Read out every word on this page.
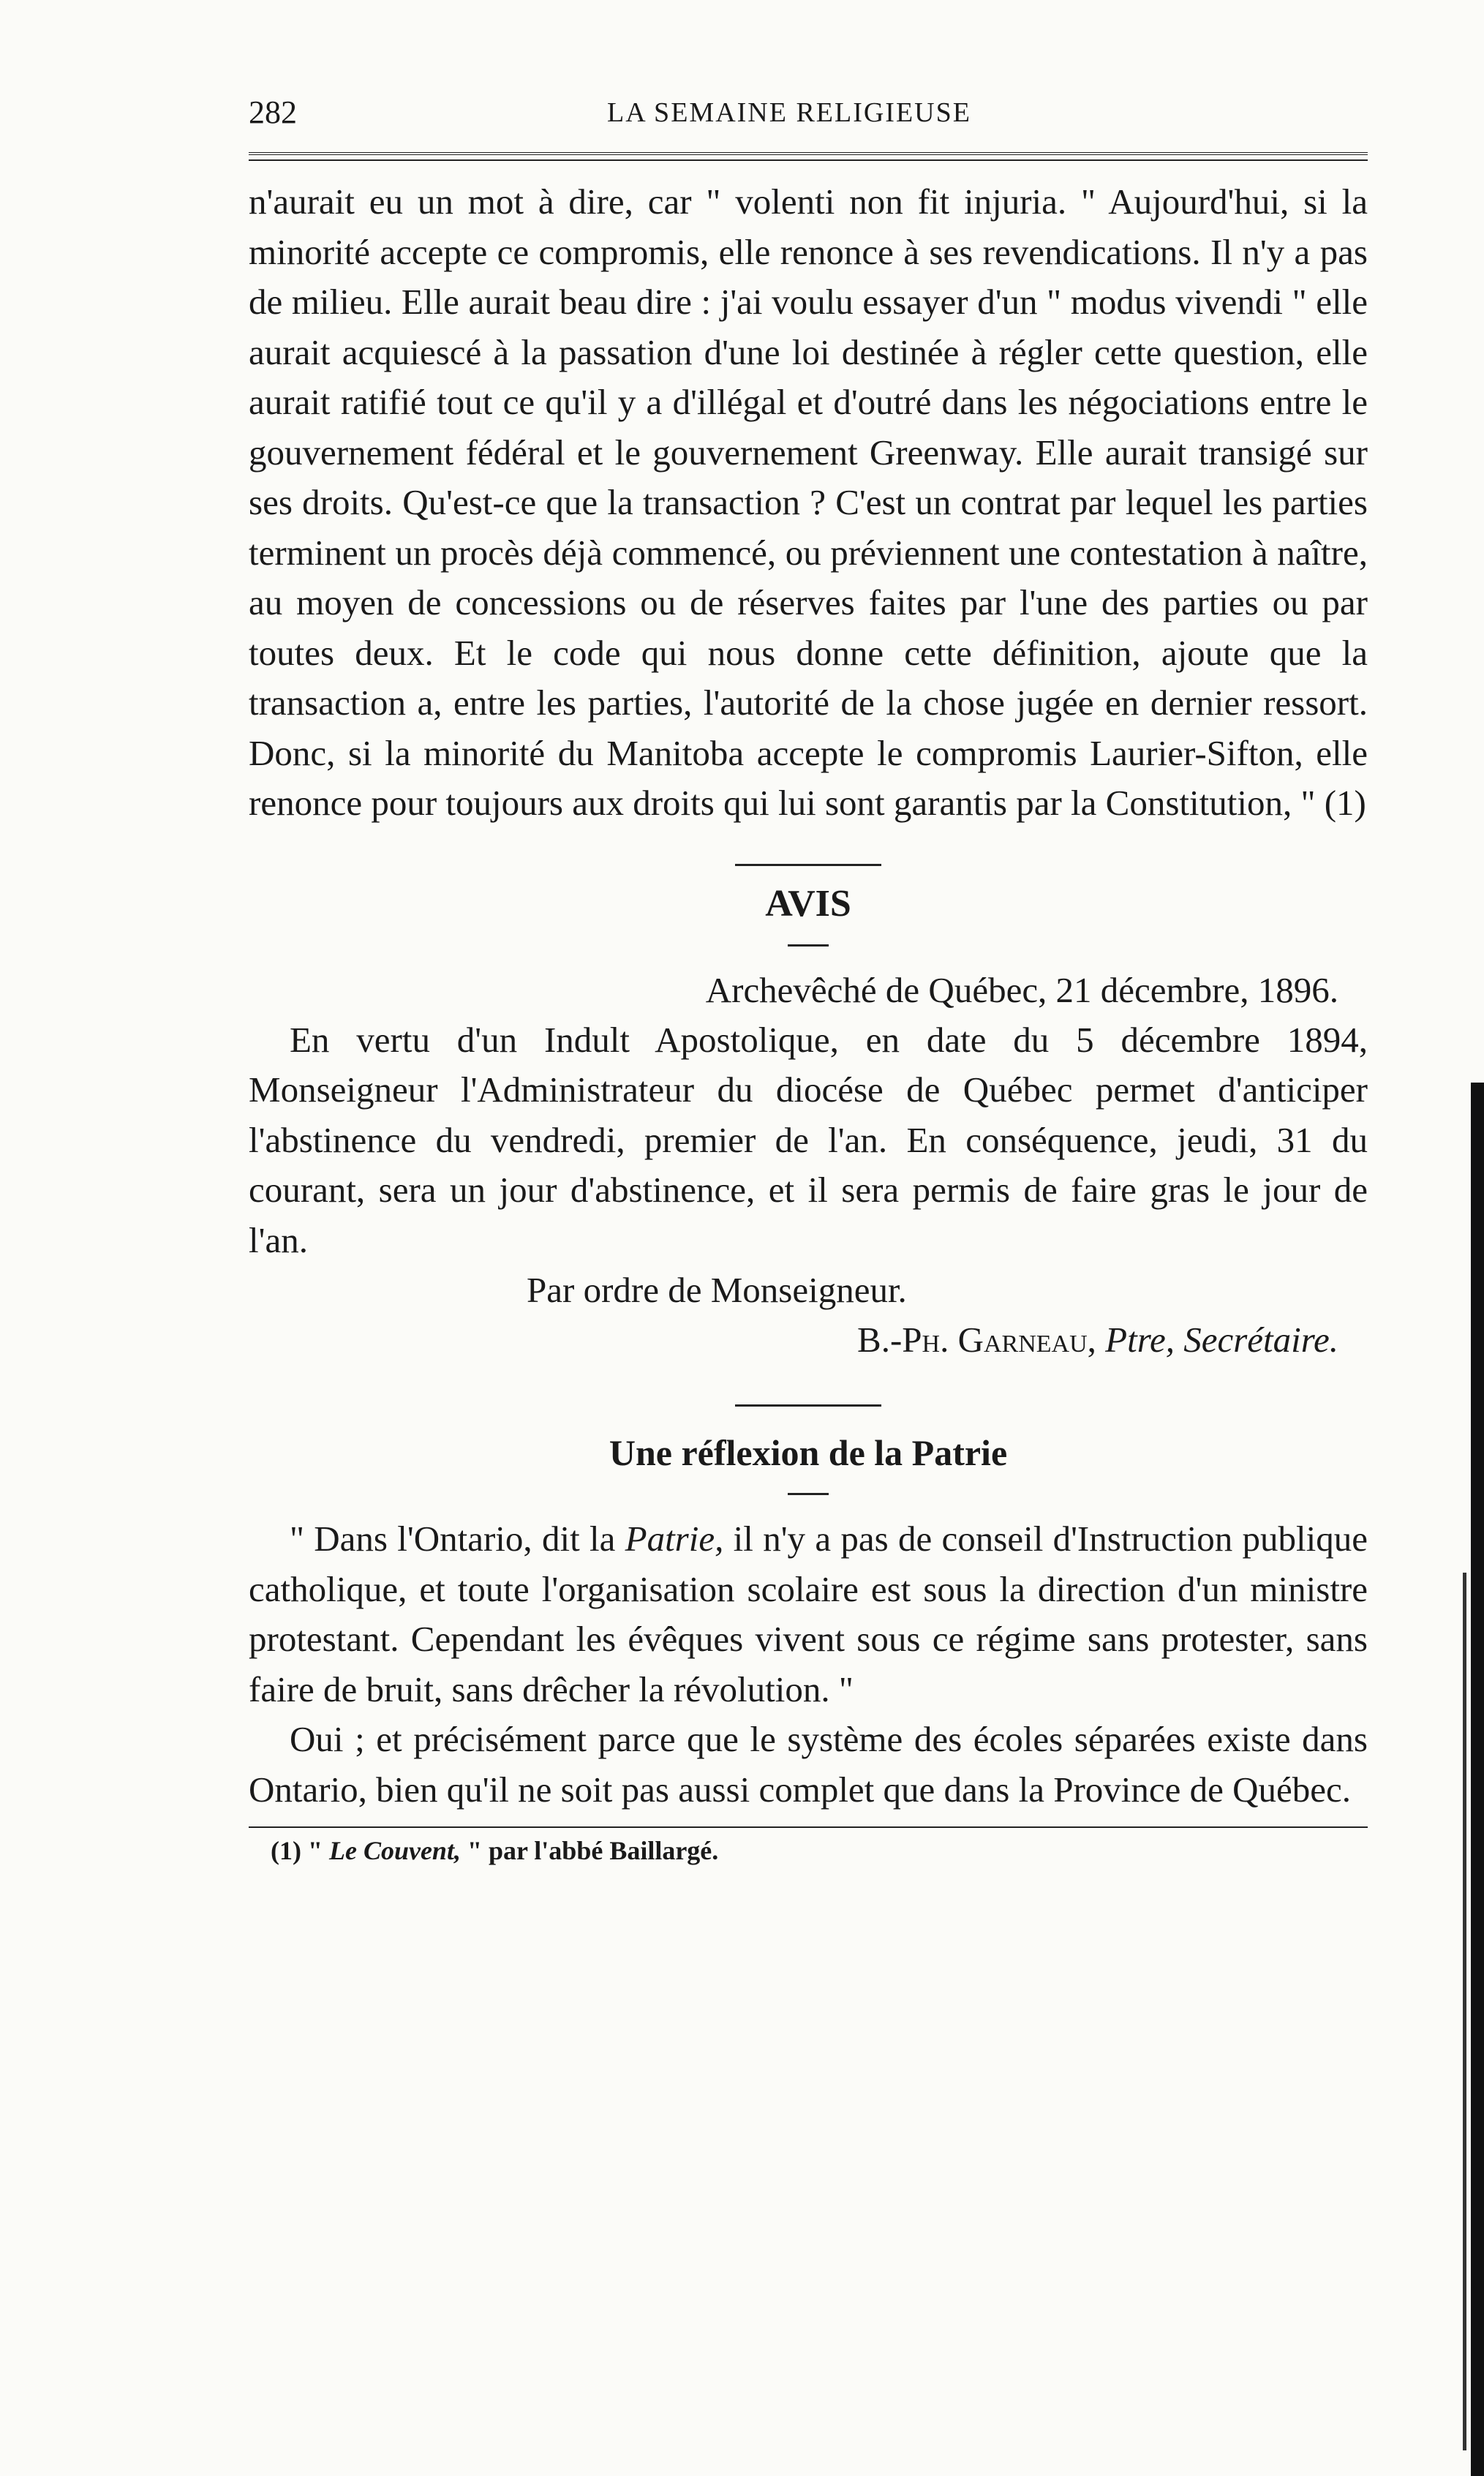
282	LA SEMAINE RELIGIEUSE

n'aurait eu un mot à dire, car " volenti non fit injuria. " Aujourd'hui, si la minorité accepte ce compromis, elle renonce à ses revendications. Il n'y a pas de milieu. Elle aurait beau dire : j'ai voulu essayer d'un " modus vivendi " elle aurait acquiescé à la passation d'une loi destinée à régler cette question, elle aurait ratifié tout ce qu'il y a d'illégal et d'outré dans les négociations entre le gouvernement fédéral et le gouvernement Greenway. Elle aurait transigé sur ses droits. Qu'est-ce que la transaction ? C'est un contrat par lequel les parties terminent un procès déjà commencé, ou préviennent une contestation à naître, au moyen de concessions ou de réserves faites par l'une des parties ou par toutes deux. Et le code qui nous donne cette définition, ajoute que la transaction a, entre les parties, l'autorité de la chose jugée en dernier ressort. Donc, si la minorité du Manitoba accepte le compromis Laurier-Sifton, elle renonce pour toujours aux droits qui lui sont garantis par la Constitution, " (1)

AVIS

Archevêché de Québec, 21 décembre, 1896.

En vertu d'un Indult Apostolique, en date du 5 décembre 1894, Monseigneur l'Administrateur du diocése de Québec permet d'anticiper l'abstinence du vendredi, premier de l'an. En conséquence, jeudi, 31 du courant, sera un jour d'abstinence, et il sera permis de faire gras le jour de l'an.

Par ordre de Monseigneur.

B.-Ph. Garneau, Ptre, Secrétaire.

Une réflexion de la Patrie

" Dans l'Ontario, dit la Patrie, il n'y a pas de conseil d'Instruction publique catholique, et toute l'organisation scolaire est sous la direction d'un ministre protestant. Cependant les évêques vivent sous ce régime sans protester, sans faire de bruit, sans drêcher la révolution. "

Oui ; et précisément parce que le système des écoles séparées existe dans Ontario, bien qu'il ne soit pas aussi complet que dans la Province de Québec.

(1) " Le Couvent, " par l'abbé Baillargé.
